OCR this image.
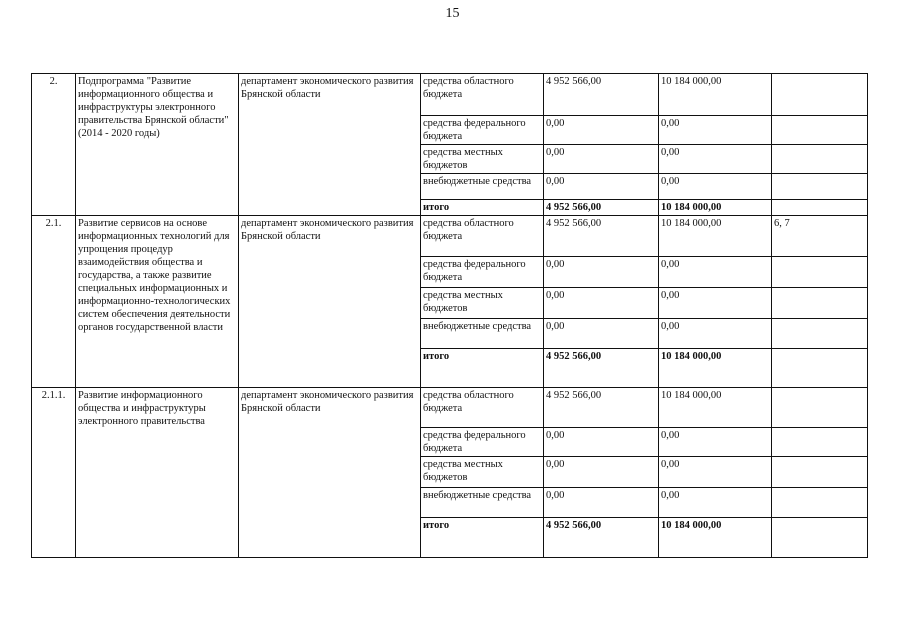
15
2.	Подпрограмма "Развитие информационного общества и инфраструктуры электронного правительства Брянской области" (2014 - 2020 годы)	департамент экономического развития Брянской области	средства областного бюджета	4 952 566,00	10 184 000,00	
			средства федерального бюджета	0,00	0,00	
			средства местных бюджетов	0,00	0,00	
			внебюджетные средства	0,00	0,00	
			итого	4 952 566,00	10 184 000,00	
2.1.	Развитие сервисов на основе информационных технологий для упрощения процедур взаимодействия общества и государства, а также развитие специальных информационных и информационно-технологических систем обеспечения деятельности органов государственной власти	департамент экономического развития Брянской области	средства областного бюджета	4 952 566,00	10 184 000,00	6, 7
			средства федерального бюджета	0,00	0,00	
			средства местных бюджетов	0,00	0,00	
			внебюджетные средства	0,00	0,00	
			итого	4 952 566,00	10 184 000,00	
2.1.1.	Развитие информационного общества и инфраструктуры электронного правительства	департамент экономического развития Брянской области	средства областного бюджета	4 952 566,00	10 184 000,00	
			средства федерального бюджета	0,00	0,00	
			средства местных бюджетов	0,00	0,00	
			внебюджетные средства	0,00	0,00	
			итого	4 952 566,00	10 184 000,00	
